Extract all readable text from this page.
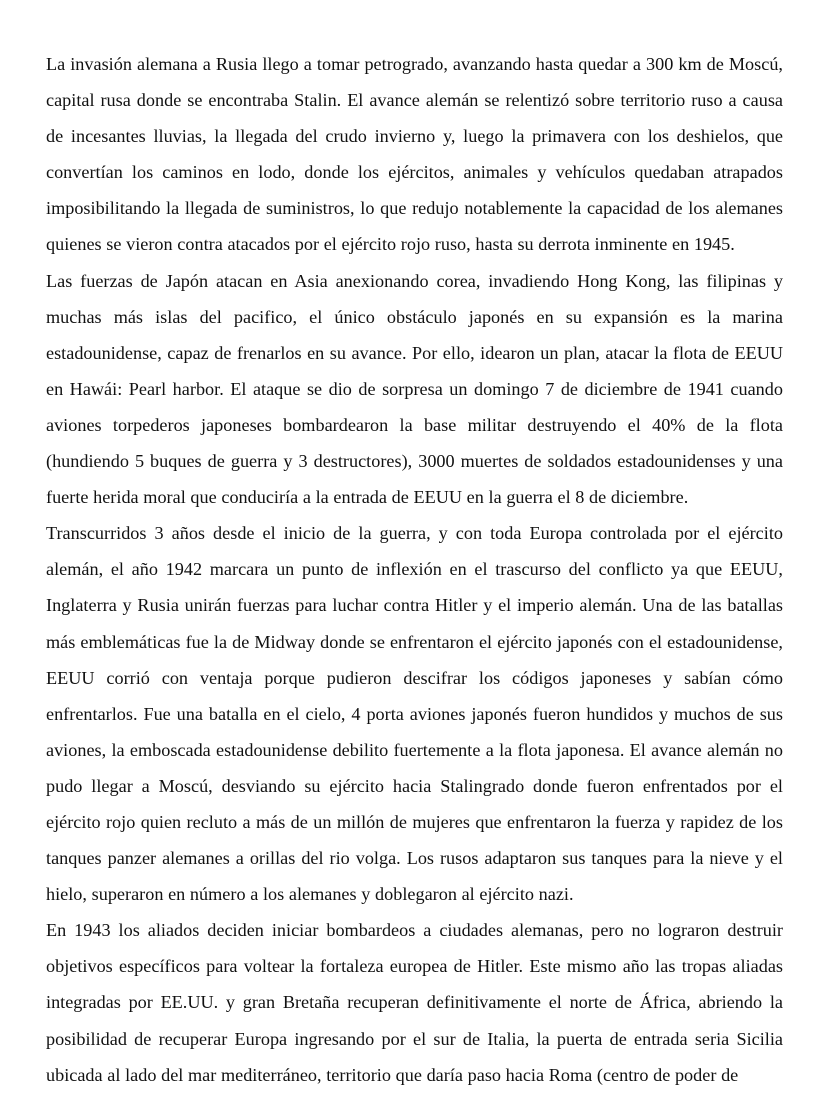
La invasión alemana a Rusia llego a tomar petrogrado, avanzando hasta quedar a 300 km de Moscú, capital rusa donde se encontraba Stalin. El avance alemán se relentizó sobre territorio ruso a causa de incesantes lluvias, la llegada del crudo invierno y, luego la primavera con los deshielos, que convertían los caminos en lodo, donde los ejércitos, animales y vehículos quedaban atrapados imposibilitando la llegada de suministros, lo que redujo notablemente la capacidad de los alemanes quienes se vieron contra atacados por el ejército rojo ruso, hasta su derrota inminente en 1945.

Las fuerzas de Japón atacan en Asia anexionando corea, invadiendo Hong Kong, las filipinas y muchas más islas del pacifico, el único obstáculo japonés en su expansión es la marina estadounidense, capaz de frenarlos en su avance. Por ello, idearon un plan, atacar la flota de EEUU en Hawái: Pearl harbor. El ataque se dio de sorpresa un domingo 7 de diciembre de 1941 cuando aviones torpederos japoneses bombardearon la base militar destruyendo el 40% de la flota (hundiendo 5 buques de guerra y 3 destructores), 3000 muertes de soldados estadounidenses y una fuerte herida moral que conduciría a la entrada de EEUU en la guerra el 8 de diciembre.

Transcurridos 3 años desde el inicio de la guerra, y con toda Europa controlada por el ejército alemán, el año 1942 marcara un punto de inflexión en el trascurso del conflicto ya que EEUU, Inglaterra y Rusia unirán fuerzas para luchar contra Hitler y el imperio alemán. Una de las batallas más emblemáticas fue la de Midway donde se enfrentaron el ejército japonés con el estadounidense, EEUU corrió con ventaja porque pudieron descifrar los códigos japoneses y sabían cómo enfrentarlos. Fue una batalla en el cielo, 4 porta aviones japonés fueron hundidos y muchos de sus aviones, la emboscada estadounidense debilito fuertemente a la flota japonesa. El avance alemán no pudo llegar a Moscú, desviando su ejército hacia Stalingrado donde fueron enfrentados por el ejército rojo quien recluto a más de un millón de mujeres que enfrentaron la fuerza y rapidez de los tanques panzer alemanes a orillas del rio volga. Los rusos adaptaron sus tanques para la nieve y el hielo, superaron en número a los alemanes y doblegaron al ejército nazi.

En 1943 los aliados deciden iniciar bombardeos a ciudades alemanas, pero no lograron destruir objetivos específicos para voltear la fortaleza europea de Hitler. Este mismo año las tropas aliadas integradas por EE.UU. y gran Bretaña recuperan definitivamente el norte de África, abriendo la posibilidad de recuperar Europa ingresando por el sur de Italia, la puerta de entrada seria Sicilia ubicada al lado del mar mediterráneo, territorio que daría paso hacia Roma (centro de poder de
